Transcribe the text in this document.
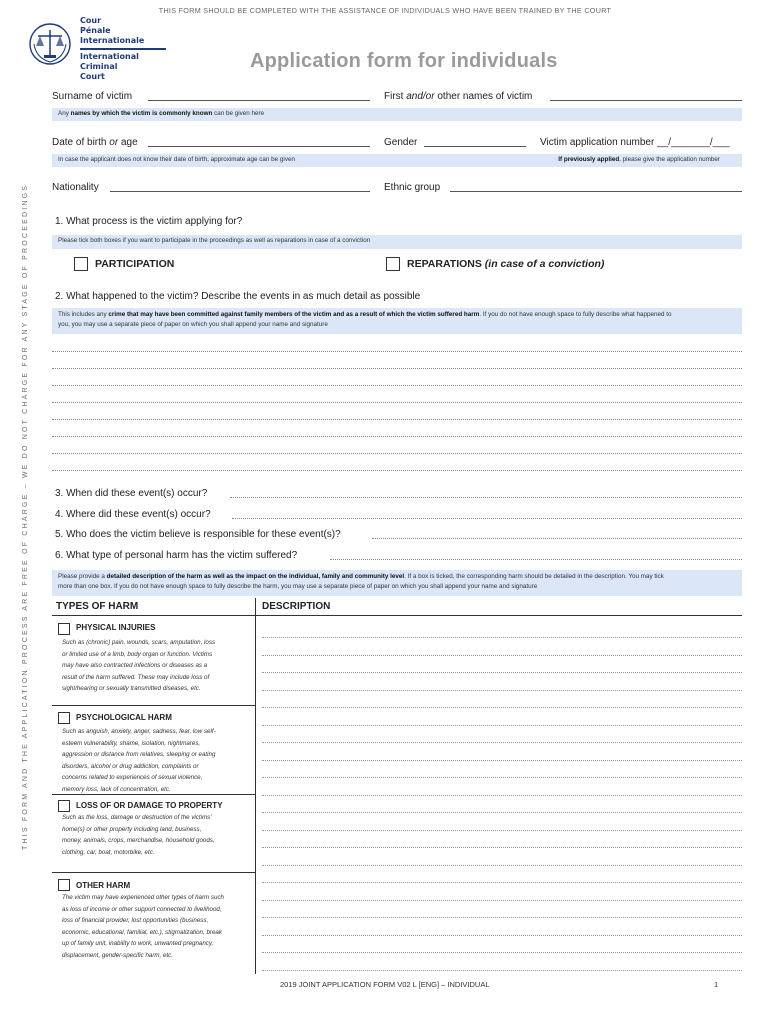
THIS FORM SHOULD BE COMPLETED WITH THE ASSISTANCE OF INDIVIDUALS WHO HAVE BEEN TRAINED BY THE COURT
Cour
Pénale
Internationale
International
Criminal
Court
Application form for individuals
THIS FORM AND THE APPLICATION PROCESS ARE FREE OF CHARGE – WE DO NOT CHARGE FOR ANY STAGE OF PROCEEDINGS
Surname of victim	First and/or other names of victim
Any names by which the victim is commonly known can be given here
Date of birth or age	Gender	Victim application number __/_______/___
In case the applicant does not know their date of birth, approximate age can be given	If previously applied, please give the application number
Nationality	Ethnic group
1. What process is the victim applying for?
Please tick both boxes if you want to participate in the proceedings as well as reparations in case of a conviction
PARTICIPATION	REPARATIONS (in case of a conviction)
2. What happened to the victim? Describe the events in as much detail as possible
This includes any crime that may have been committed against family members of the victim and as a result of which the victim suffered harm. If you do not have enough space to fully describe what happened to
you, you may use a separate piece of paper on which you shall append your name and signature
3. When did these event(s) occur?
4. Where did these event(s) occur?
5. Who does the victim believe is responsible for these event(s)?
6. What type of personal harm has the victim suffered?
Please provide a detailed description of the harm as well as the impact on the individual, family and community level. If a box is ticked, the corresponding harm should be detailed in the description. You may tick
more than one box. If you do not have enough space to fully describe the harm, you may use a separate piece of paper on which you shall append your name and signature
TYPES OF HARM	DESCRIPTION
PHYSICAL INJURIES
Such as (chronic) pain, wounds, scars, amputation, loss
or limited use of a limb, body organ or function. Victims
may have also contracted infections or diseases as a
result of the harm suffered. These may include loss of
sight/hearing or sexually transmitted diseases, etc.
PSYCHOLOGICAL HARM
Such as anguish, anxiety, anger, sadness, fear, low self-
esteem vulnerability, shame, isolation, nightmares,
aggression or distance from relatives, sleeping or eating
disorders, alcohol or drug addiction, complaints or
concerns related to experiences of sexual violence,
memory loss, lack of concentration, etc.
LOSS OF OR DAMAGE TO PROPERTY
Such as the loss, damage or destruction of the victims’
home(s) or other property including land, business,
money, animals, crops, merchandise, household goods,
clothing, car, boat, motorbike, etc.
OTHER HARM
The victim may have experienced other types of harm such
as loss of income or other support connected to livelihood,
loss of financial provider, lost opportunities (business,
economic, educational, familial, etc.), stigmatization, break
up of family unit, inability to work, unwanted pregnancy,
displacement, gender-specific harm, etc.
2019 JOINT APPLICATION FORM V02 L [ENG] – INDIVIDUAL	1
